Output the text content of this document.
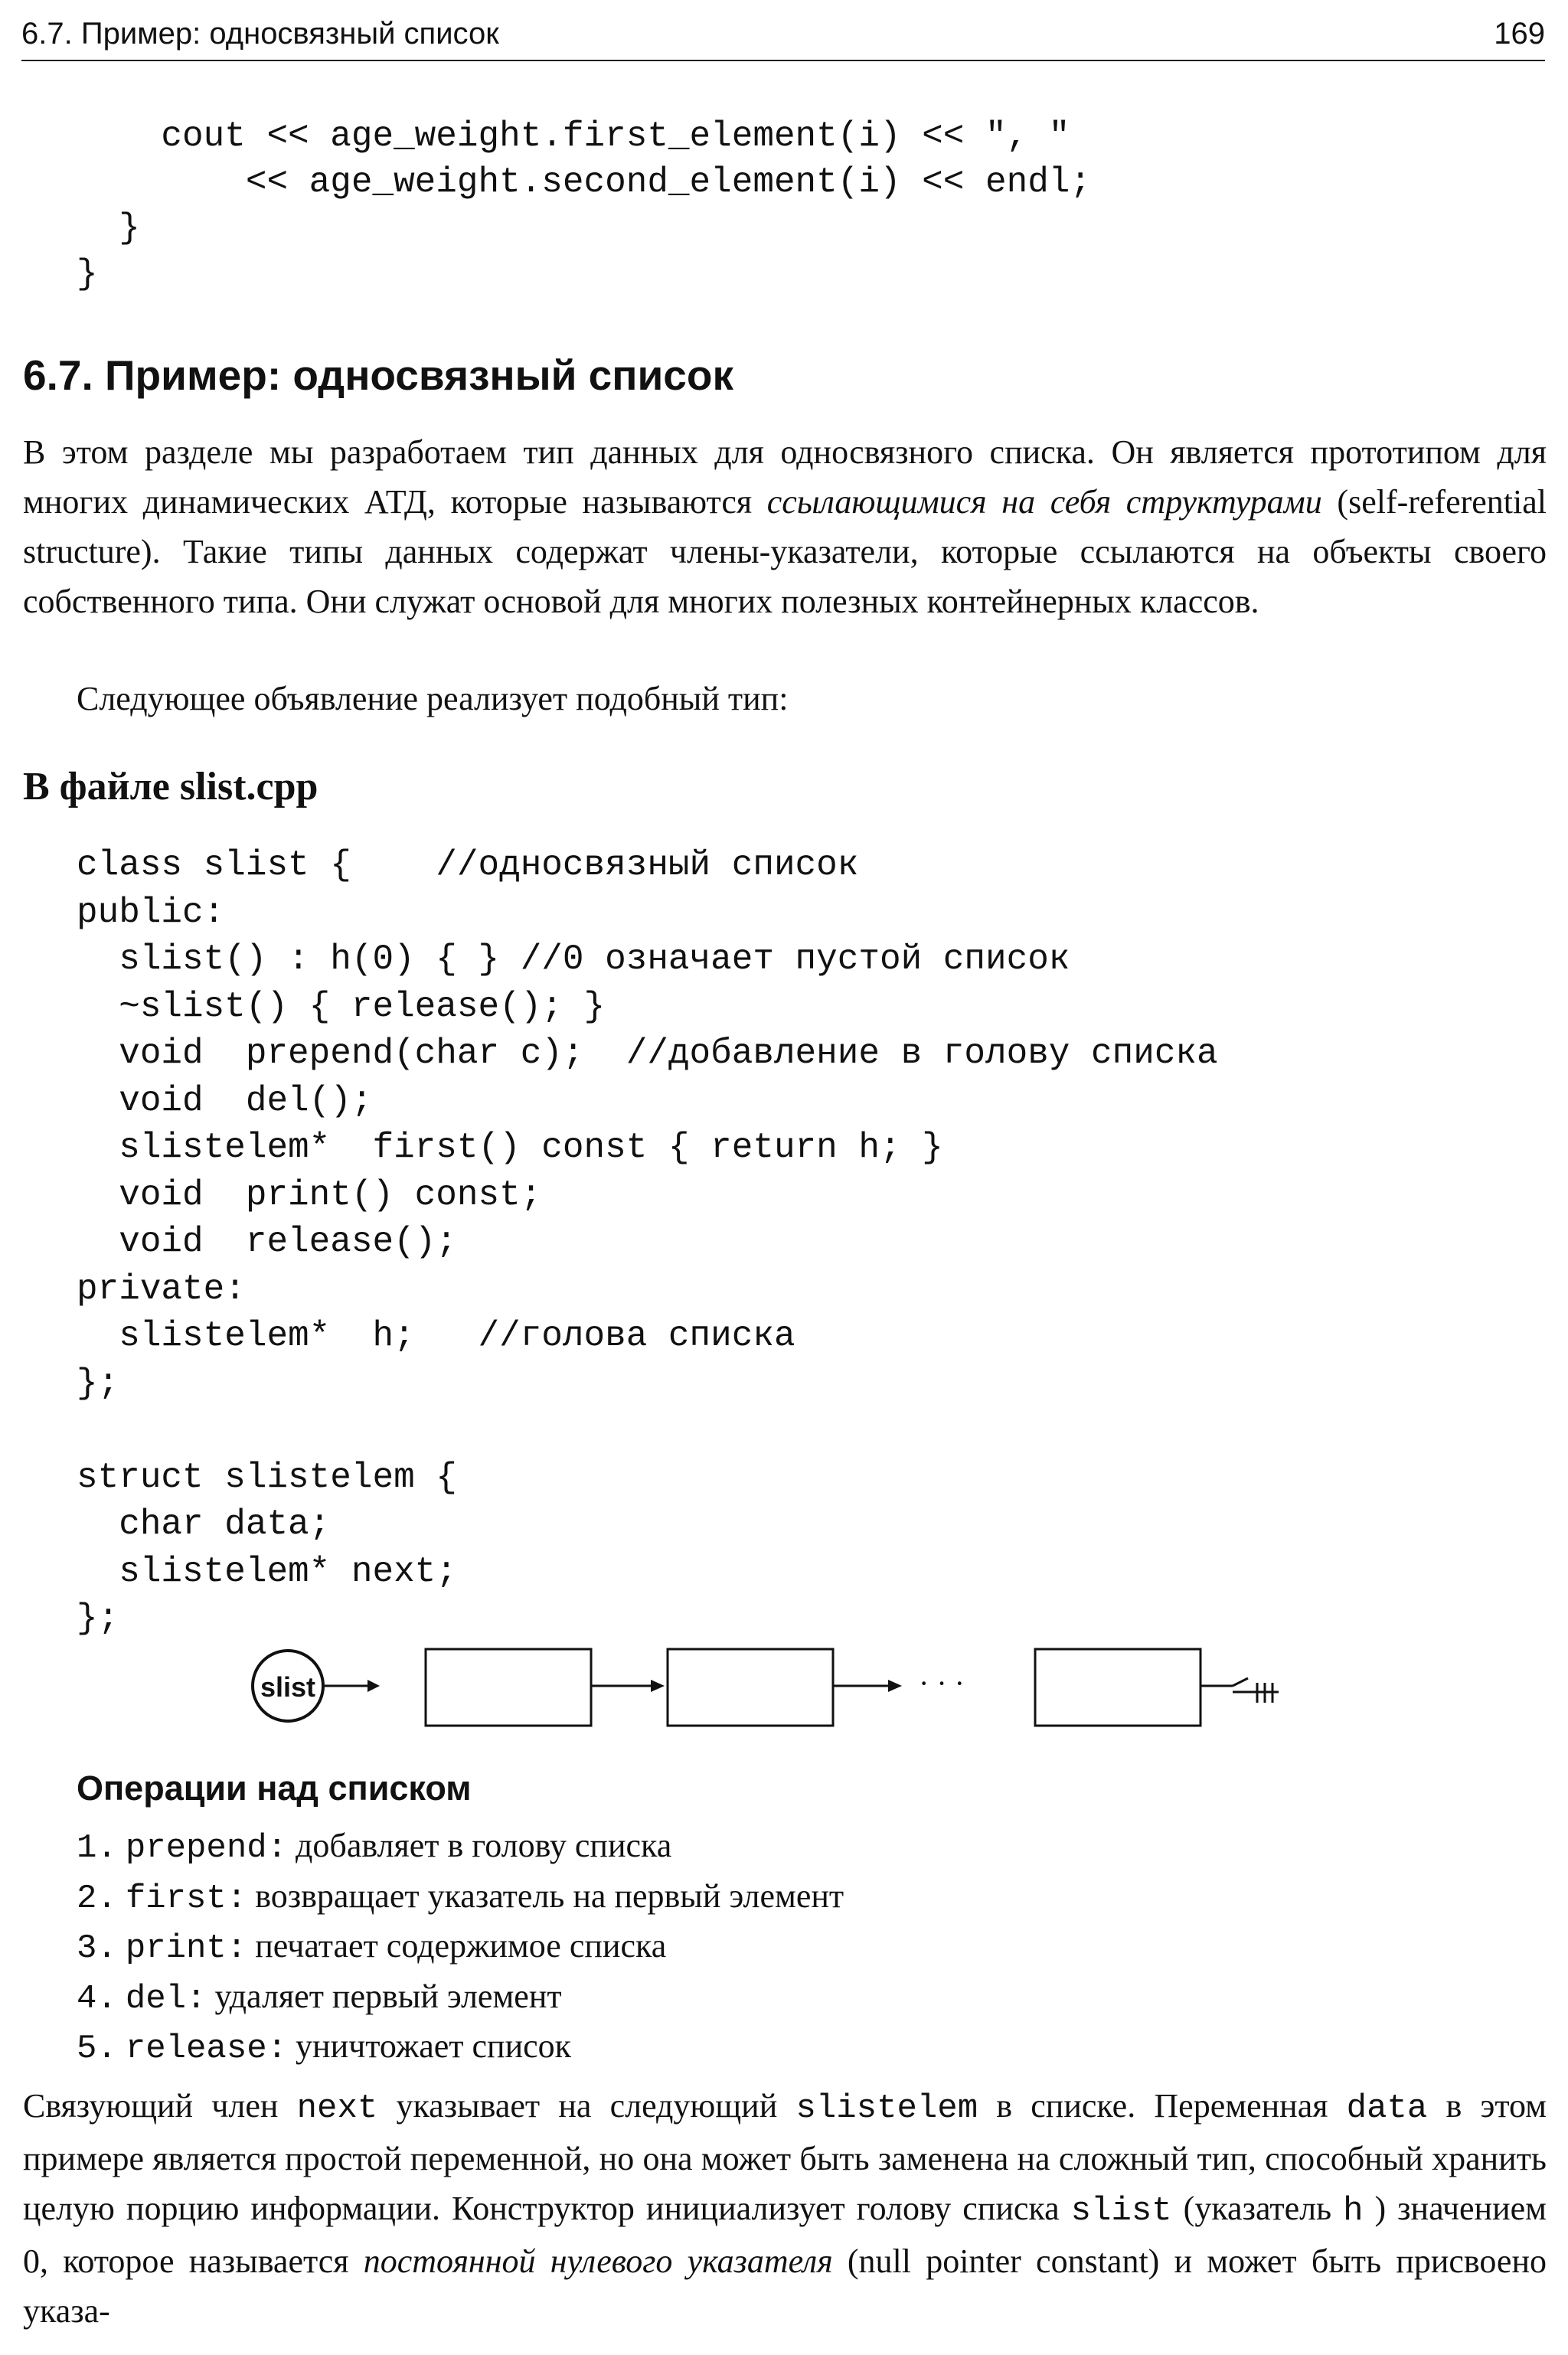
6.7. Пример: односвязный список	169
cout << age_weight.first_element(i) << ", "
<< age_weight.second_element(i) << endl;
}
}
6.7. Пример: односвязный список
В этом разделе мы разработаем тип данных для односвязного списка. Он является прототипом для многих динамических АТД, которые называются ссылающимися на себя структурами (self-referential structure). Такие типы данных содержат члены-указатели, которые ссылаются на объекты своего собственного типа. Они служат основой для многих полезных контейнерных классов.
Следующее объявление реализует подобный тип:
В файле slist.cpp
class slist {    //односвязный список
public:
slist() : h(0) { } //0 означает пустой список
~slist() { release(); }
void  prepend(char c);  //добавление в голову списка
void  del();
slistelem*  first() const { return h; }
void  print() const;
void  release();
private:
slistelem*  h;   //голова списка
};

struct slistelem {
char data;
slistelem* next;
};
slist	· · ·
Операции над списком
1. prepend: добавляет в голову списка
2. first: возвращает указатель на первый элемент
3. print: печатает содержимое списка
4. del: удаляет первый элемент
5. release: уничтожает список
Связующий член next указывает на следующий slistelem в списке. Переменная data в этом примере является простой переменной, но она может быть заменена на сложный тип, способный хранить целую порцию информации. Конструктор инициализует голову списка slist (указатель h ) значением 0, которое называется постоянной нулевого указателя (null pointer constant) и может быть присвоено указа-
